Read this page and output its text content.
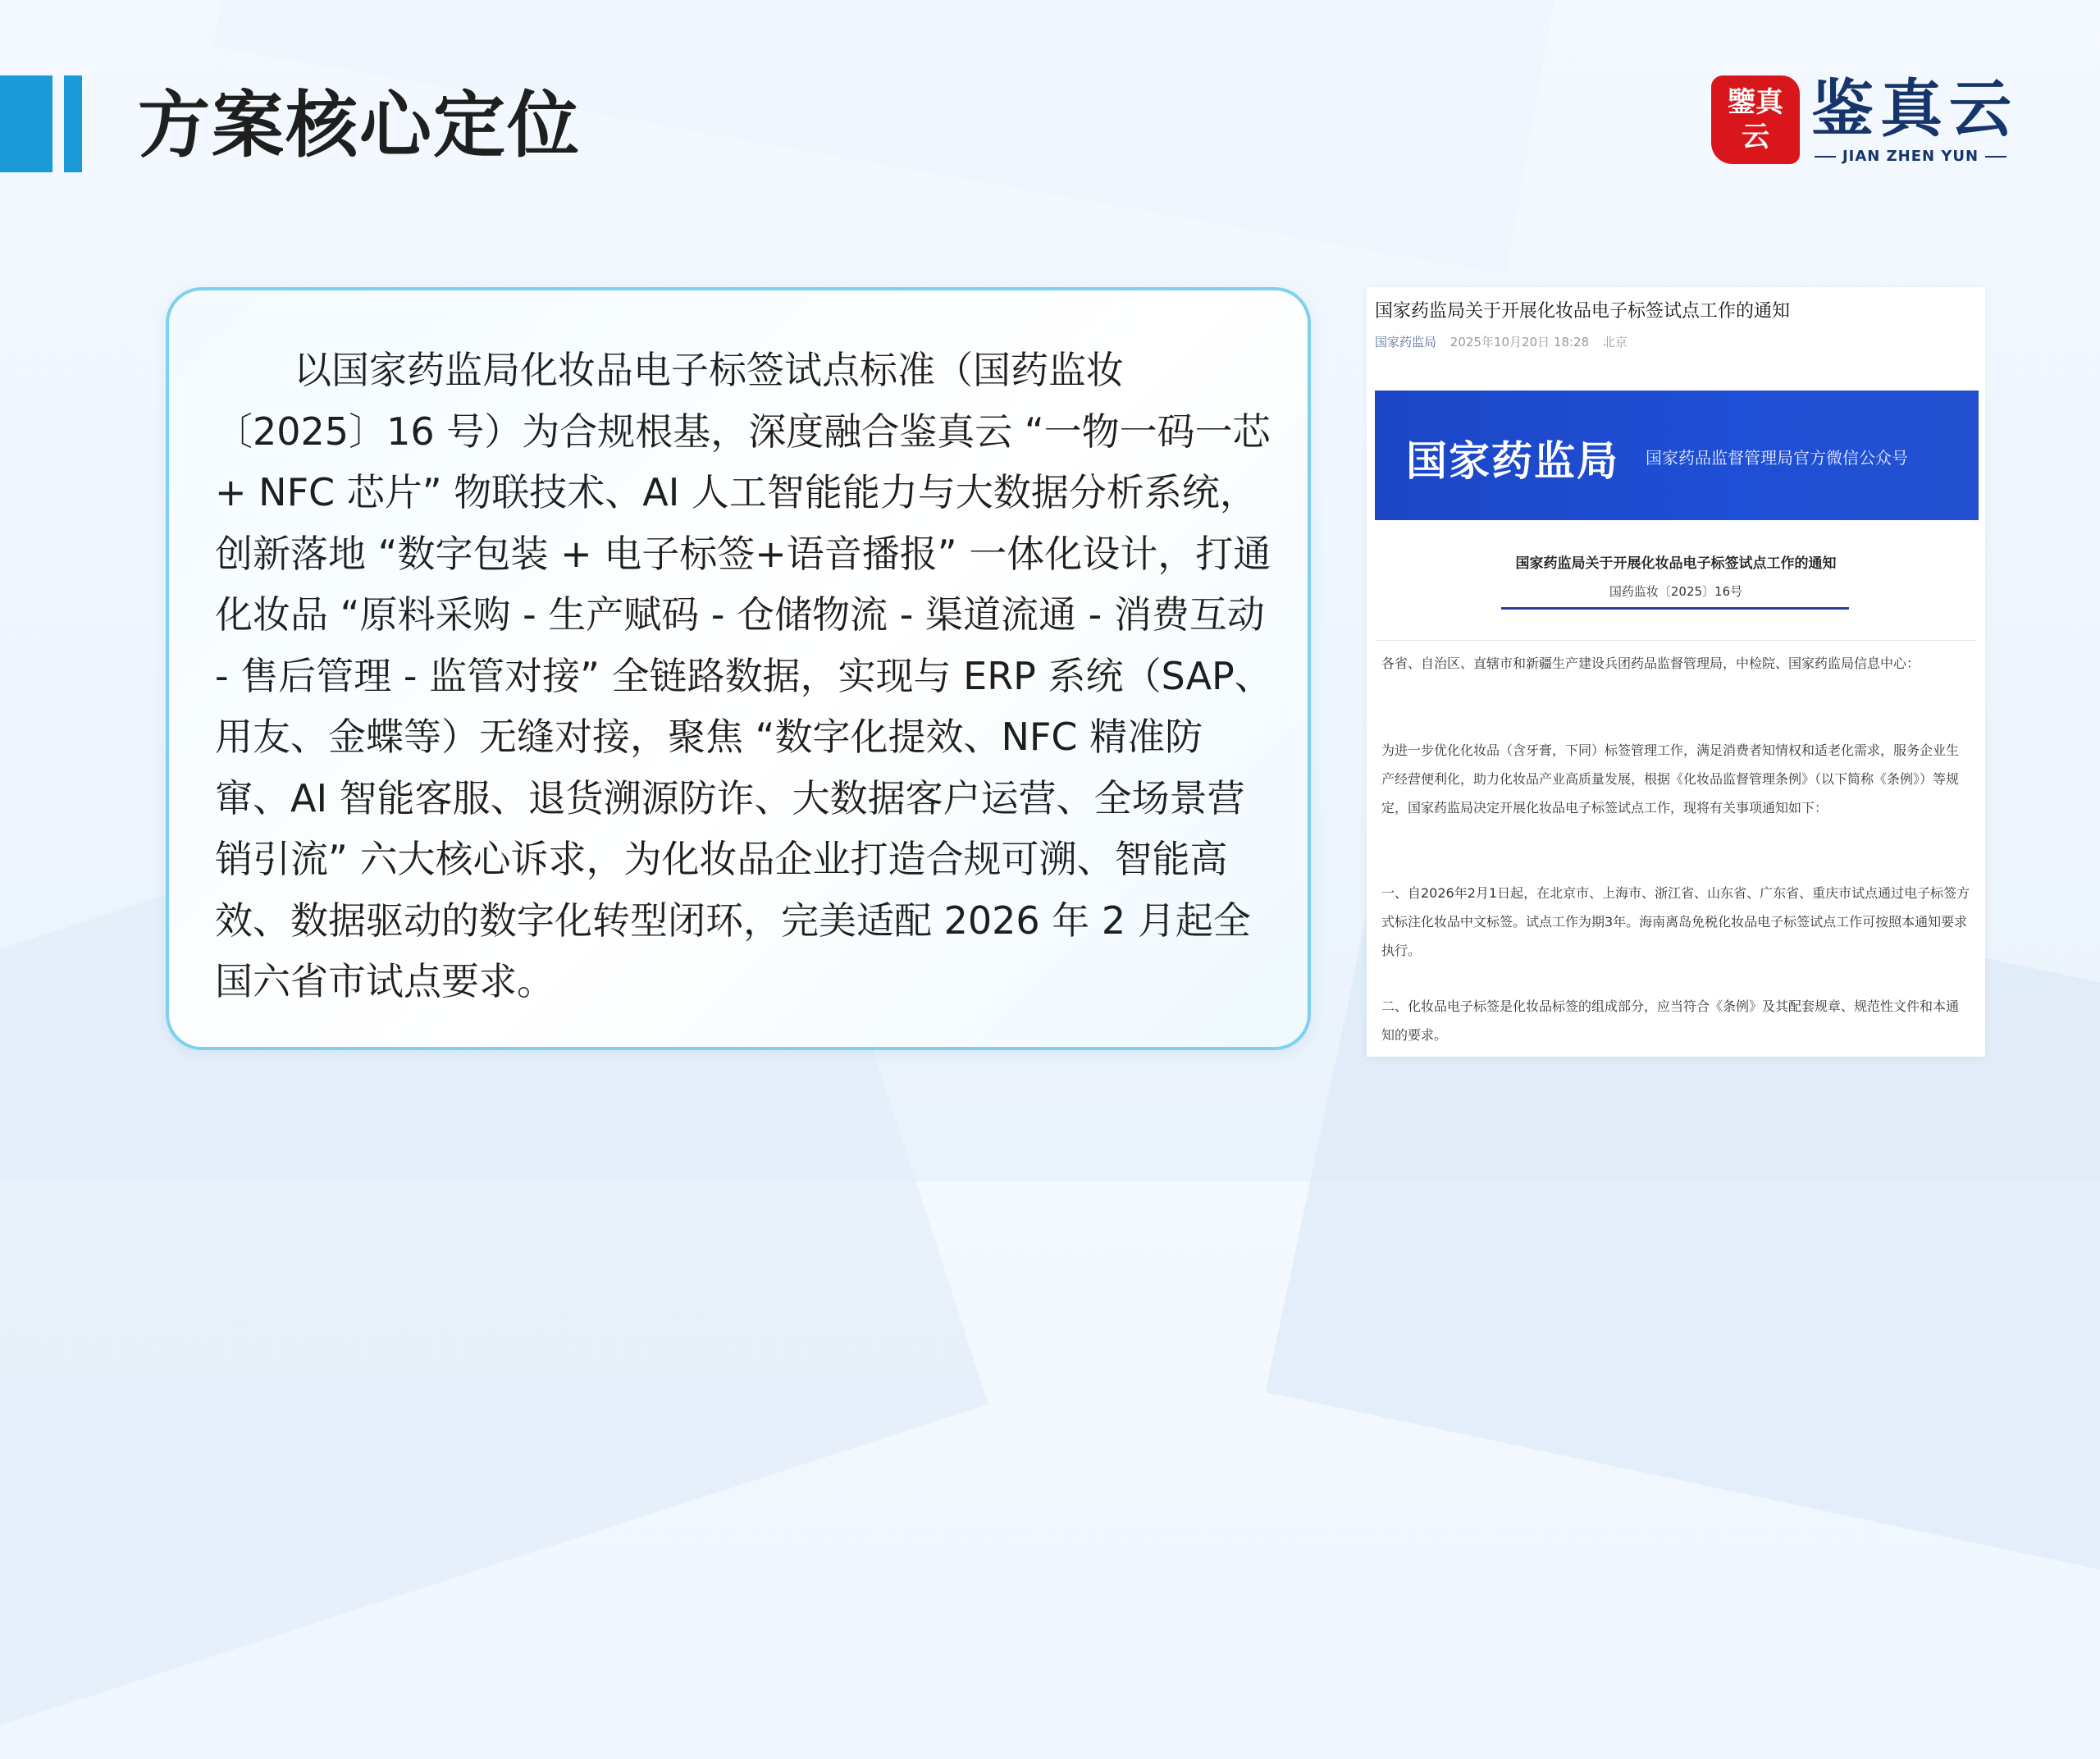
方案核心定位	鑒真云 鉴真云
JIAN ZHEN YUN
以国家药监局化妆品电子标签试点标准（国药监妆〔2025〕16 号）为合规根基，深度融合鉴真云 “一物一码一芯 + NFC 芯片” 物联技术、AI 人工智能能力与大数据分析系统，创新落地 “数字包装 + 电子标签+语音播报” 一体化设计，打通化妆品 “原料采购 - 生产赋码 - 仓储物流 - 渠道流通 - 消费互动 - 售后管理 - 监管对接” 全链路数据，实现与 ERP 系统（SAP、用友、金蝶等）无缝对接，聚焦 “数字化提效、NFC 精准防窜、AI 智能客服、退货溯源防诈、大数据客户运营、全场景营销引流” 六大核心诉求，为化妆品企业打造合规可溯、智能高效、数据驱动的数字化转型闭环，完美适配 2026 年 2 月起全国六省市试点要求。
国家药监局关于开展化妆品电子标签试点工作的通知
国家药监局 2025年10月20日 18:28 北京
国家药监局 国家药品监督管理局官方微信公众号
国家药监局关于开展化妆品电子标签试点工作的通知
国药监妆〔2025〕16号

各省、自治区、直辖市和新疆生产建设兵团药品监督管理局，中检院、国家药监局信息中心：

为进一步优化化妆品（含牙膏，下同）标签管理工作，满足消费者知情权和适老化需求，服务企业生产经营便利化，助力化妆品产业高质量发展，根据《化妆品监督管理条例》（以下简称《条例》）等规定，国家药监局决定开展化妆品电子标签试点工作，现将有关事项通知如下：

一、自2026年2月1日起，在北京市、上海市、浙江省、山东省、广东省、重庆市试点通过电子标签方式标注化妆品中文标签。试点工作为期3年。海南离岛免税化妆品电子标签试点工作可按照本通知要求执行。

二、化妆品电子标签是化妆品标签的组成部分，应当符合《条例》及其配套规章、规范性文件和本通知的要求。
